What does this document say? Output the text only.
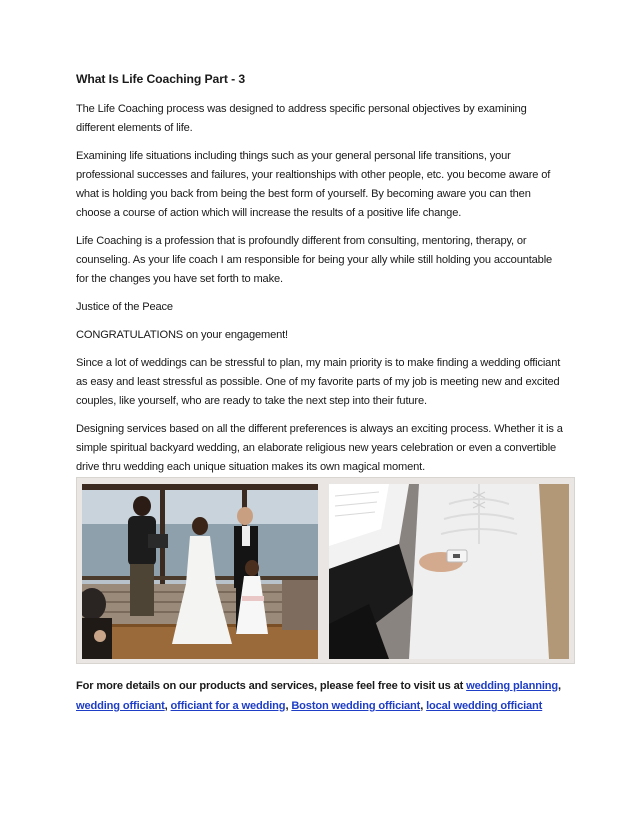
What Is Life Coaching Part - 3

The Life Coaching process was designed to address specific personal objectives by examining different elements of life.

Examining life situations including things such as your general personal life transitions, your professional successes and failures, your realtionships with other people, etc. you become aware of what is holding you back from being the best form of yourself. By becoming aware you can then choose a course of action which will increase the results of a positive life change.

Life Coaching is a profession that is profoundly different from consulting, mentoring, therapy, or counseling. As your life coach I am responsible for being your ally while still holding you accountable for the changes you have set forth to make.

Justice of the Peace

CONGRATULATIONS on your engagement!

Since a lot of weddings can be stressful to plan, my main priority is to make finding a wedding officiant as easy and least stressful as possible. One of my favorite parts of my job is meeting new and excited couples, like yourself, who are ready to take the next step into their future.

Designing services based on all the different preferences is always an exciting process. Whether it is a simple spiritual backyard wedding, an elaborate religious new years celebration or even a convertible drive thru wedding each unique situation makes its own magical moment.

For more details on our products and services, please feel free to visit us at wedding planning, wedding officiant, officiant for a wedding, Boston wedding officiant, local wedding officiant
